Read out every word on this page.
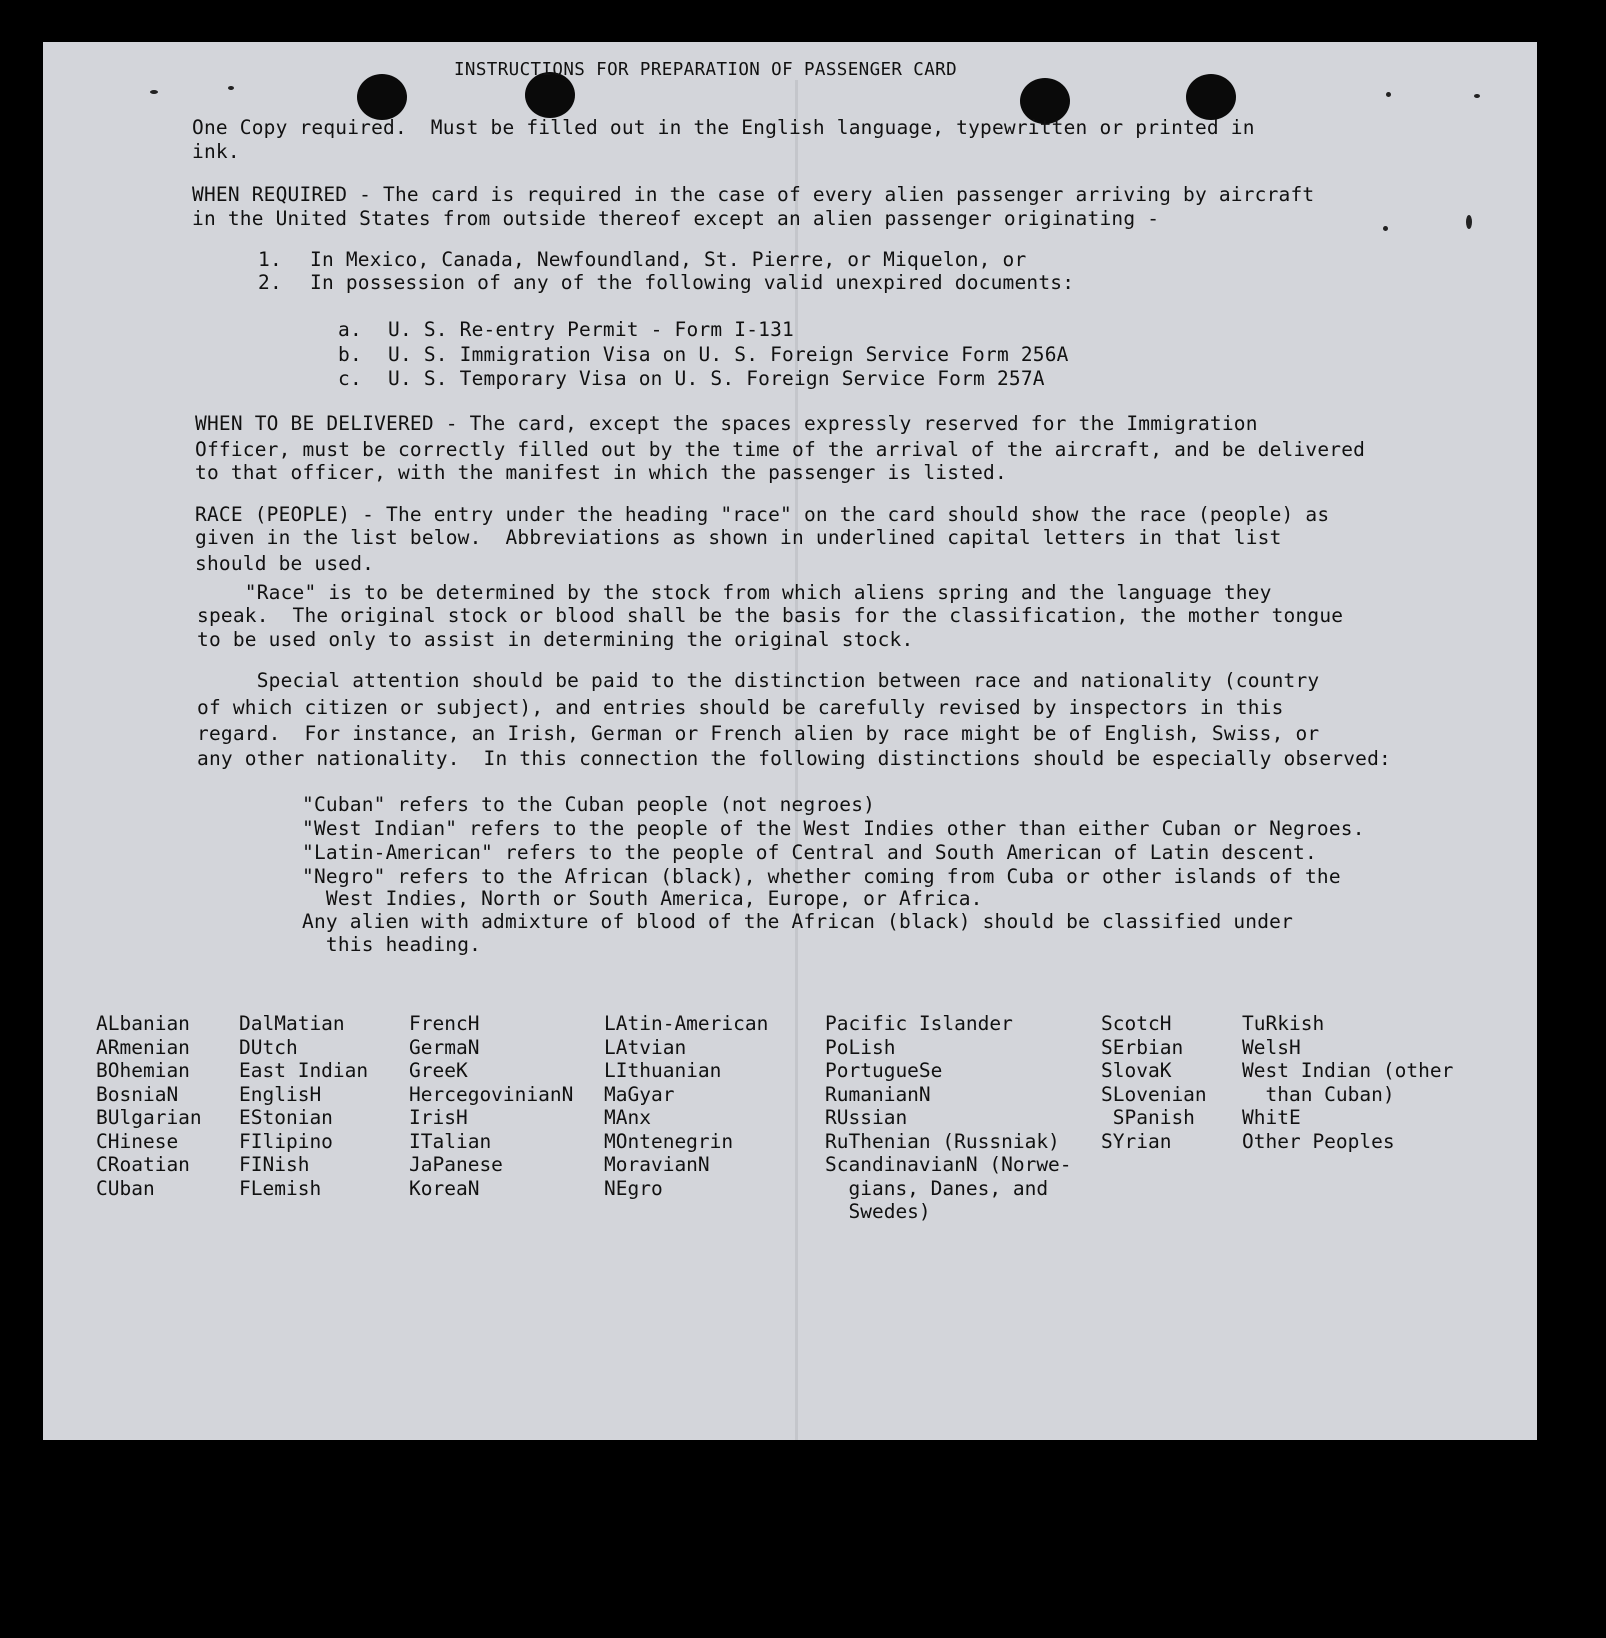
INSTRUCTIONS FOR PREPARATION OF PASSENGER CARD
One Copy required.  Must be filled out in the English language, typewritten or printed in
ink.
WHEN REQUIRED - The card is required in the case of every alien passenger arriving by aircraft
in the United States from outside thereof except an alien passenger originating -
1. In Mexico, Canada, Newfoundland, St. Pierre, or Miquelon, or
2. In possession of any of the following valid unexpired documents:
a. U. S. Re-entry Permit - Form I-131
b. U. S. Immigration Visa on U. S. Foreign Service Form 256A
c. U. S. Temporary Visa on U. S. Foreign Service Form 257A
WHEN TO BE DELIVERED - The card, except the spaces expressly reserved for the Immigration
Officer, must be correctly filled out by the time of the arrival of the aircraft, and be delivered
to that officer, with the manifest in which the passenger is listed.
RACE (PEOPLE) - The entry under the heading "race" on the card should show the race (people) as
given in the list below.  Abbreviations as shown in underlined capital letters in that list
should be used.
"Race" is to be determined by the stock from which aliens spring and the language they
speak.  The original stock or blood shall be the basis for the classification, the mother tongue
to be used only to assist in determining the original stock.
Special attention should be paid to the distinction between race and nationality (country
of which citizen or subject), and entries should be carefully revised by inspectors in this
regard.  For instance, an Irish, German or French alien by race might be of English, Swiss, or
any other nationality.  In this connection the following distinctions should be especially observed:
"Cuban" refers to the Cuban people (not negroes)
"West Indian" refers to the people of the West Indies other than either Cuban or Negroes.
"Latin-American" refers to the people of Central and South American of Latin descent.
"Negro" refers to the African (black), whether coming from Cuba or other islands of the
West Indies, North or South America, Europe, or Africa.
Any alien with admixture of blood of the African (black) should be classified under
this heading.
ALbanian
ARmenian
BOhemian
BosniaN
BUlgarian
CHinese
CRoatian
CUban
DalMatian
DUtch
East Indian
EnglisH
EStonian
FIlipino
FINish
FLemish
FrencH
GermaN
GreeK
HercegovinianN
IrisH
ITalian
JaPanese
KoreaN
LAtin-American
LAtvian
LIthuanian
MaGyar
MAnx
MOntenegrin
MoravianN
NEgro
Pacific Islander
PoLish
PortugueSe
RumanianN
RUssian
RuThenian (Russniak)
ScandinavianN (Norwe-
gians, Danes, and
Swedes)
ScotcH
SErbian
SlovaK
SLovenian
SPanish
SYrian
TuRkish
WelsH
West Indian (other
than Cuban)
WhitE
Other Peoples
